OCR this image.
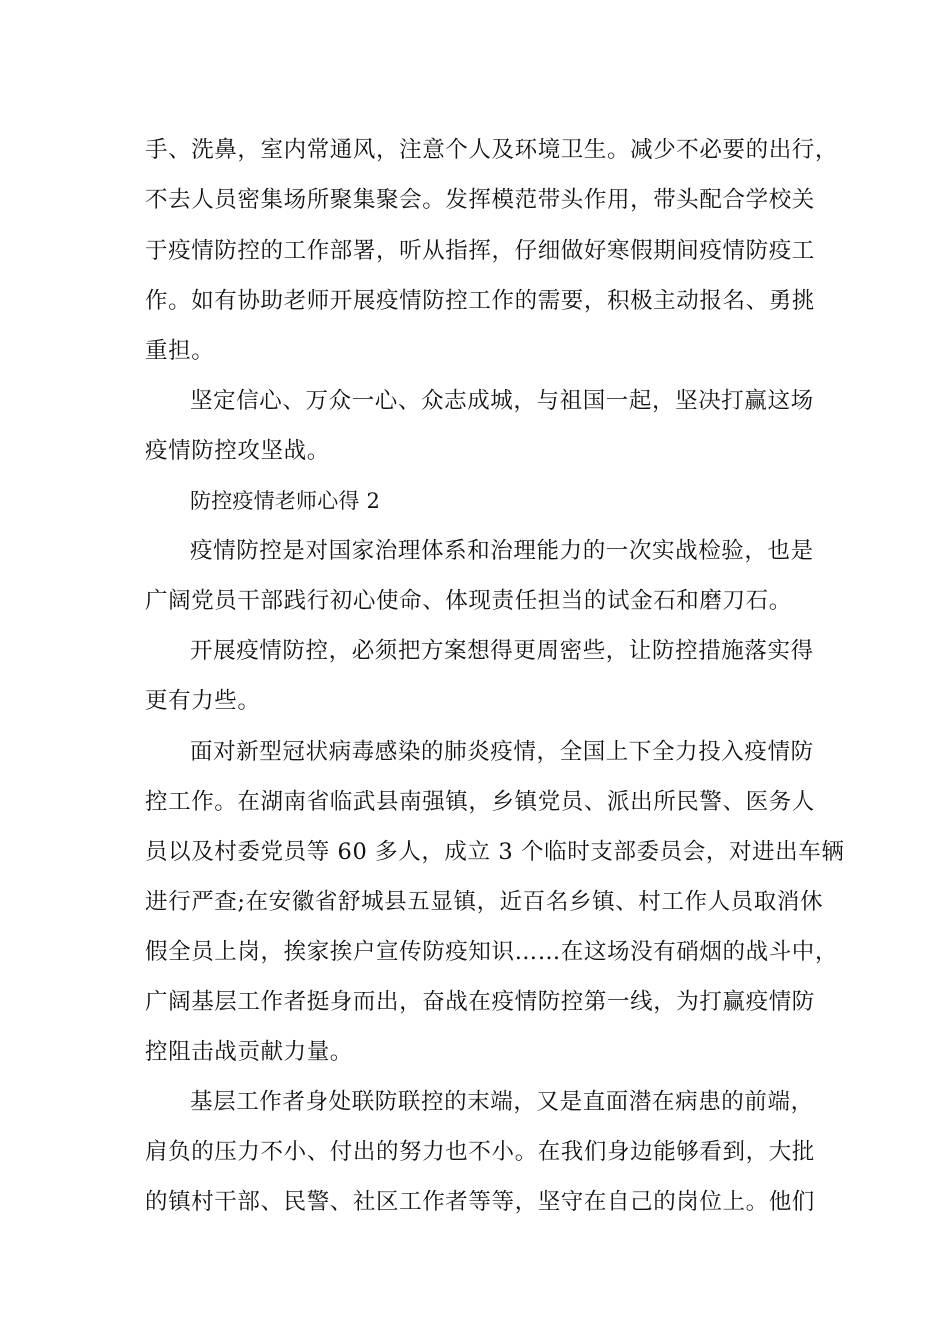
手、洗鼻，室内常通风，注意个人及环境卫生。减少不必要的出行，
不去人员密集场所聚集聚会。发挥模范带头作用，带头配合学校关
于疫情防控的工作部署，听从指挥，仔细做好寒假期间疫情防疫工
作。如有协助老师开展疫情防控工作的需要，积极主动报名、勇挑
重担。
坚定信心、万众一心、众志成城，与祖国一起，坚决打赢这场
疫情防控攻坚战。
防控疫情老师心得 2
疫情防控是对国家治理体系和治理能力的一次实战检验，也是
广阔党员干部践行初心使命、体现责任担当的试金石和磨刀石。
开展疫情防控，必须把方案想得更周密些，让防控措施落实得
更有力些。
面对新型冠状病毒感染的肺炎疫情，全国上下全力投入疫情防
控工作。在湖南省临武县南强镇，乡镇党员、派出所民警、医务人
员以及村委党员等 60 多人，成立 3 个临时支部委员会，对进出车辆
进行严查;在安徽省舒城县五显镇，近百名乡镇、村工作人员取消休
假全员上岗，挨家挨户宣传防疫知识……在这场没有硝烟的战斗中，
广阔基层工作者挺身而出，奋战在疫情防控第一线，为打赢疫情防
控阻击战贡献力量。
基层工作者身处联防联控的末端，又是直面潜在病患的前端，
肩负的压力不小、付出的努力也不小。在我们身边能够看到，大批
的镇村干部、民警、社区工作者等等，坚守在自己的岗位上。他们
